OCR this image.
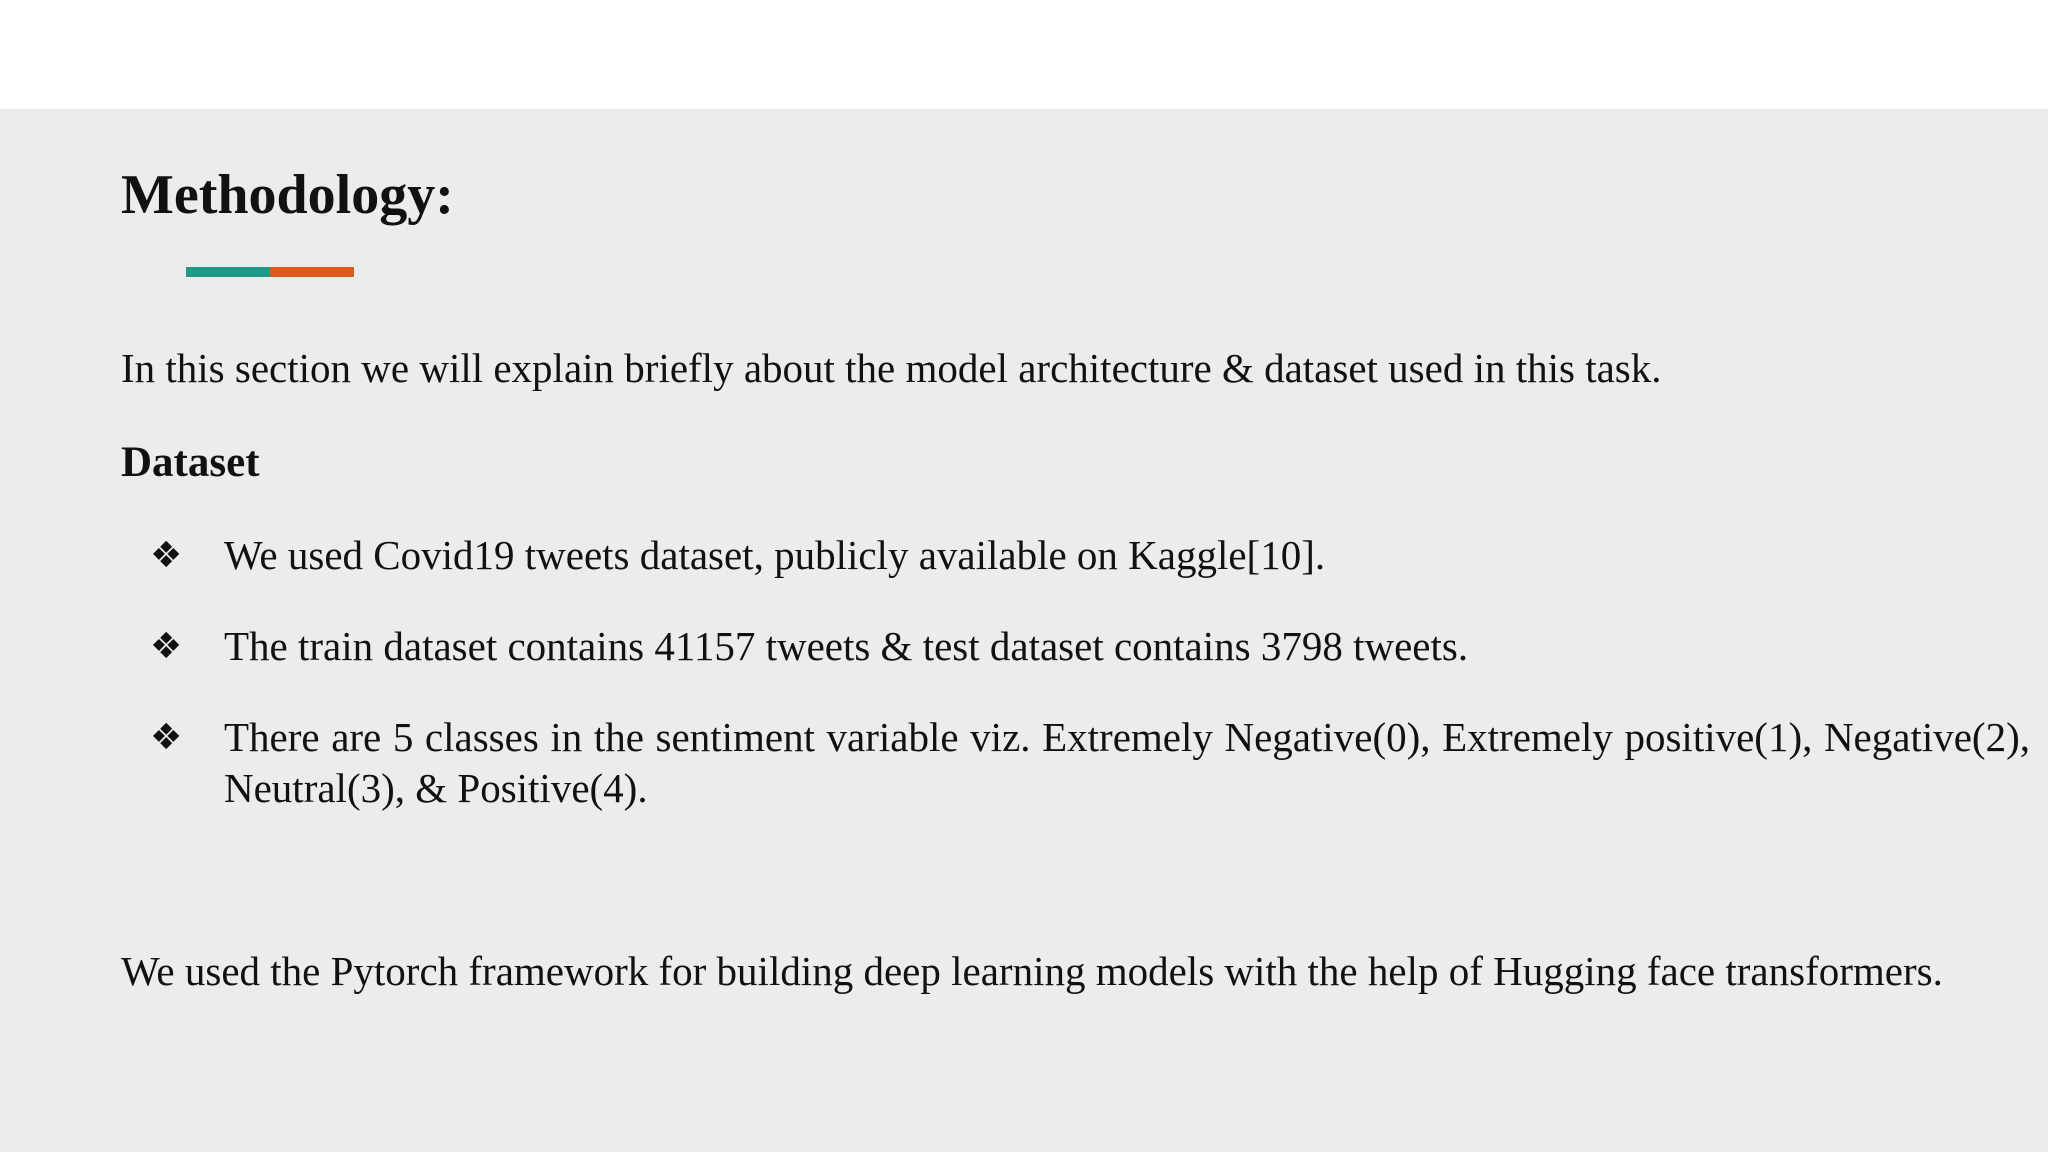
Methodology:
In this section we will explain briefly about the model architecture & dataset used in this task.
Dataset
❖	We used Covid19 tweets dataset, publicly available on Kaggle[10].
❖	The train dataset contains 41157 tweets & test dataset contains 3798 tweets.
❖	There are 5 classes in the sentiment variable viz. Extremely Negative(0), Extremely positive(1), Negative(2), Neutral(3), & Positive(4).
We used the Pytorch framework for building deep learning models with the help of Hugging face transformers.
